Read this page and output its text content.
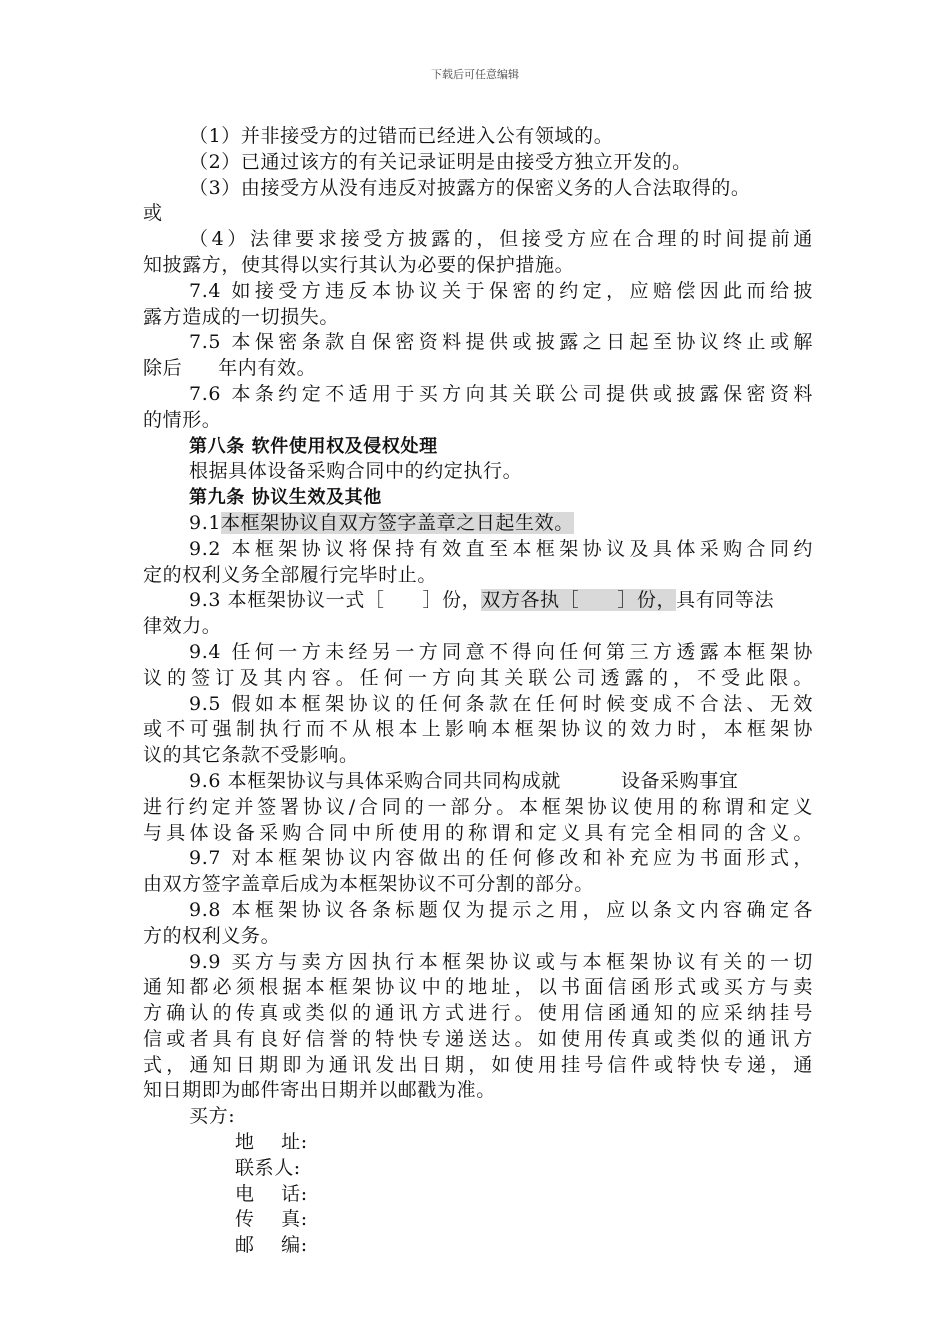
下载后可任意编辑
（1）并非接受方的过错而已经进入公有领域的。
（2）已通过该方的有关记录证明是由接受方独立开发的。
（3）由接受方从没有违反对披露方的保密义务的人合法取得的。
或
（4）法律要求接受方披露的，但接受方应在合理的时间提前通
知披露方，使其得以实行其认为必要的保护措施。
7.4 如接受方违反本协议关于保密的约定，应赔偿因此而给披
露方造成的一切损失。
7.5 本保密条款自保密资料提供或披露之日起至协议终止或解
除后 年内有效。
7.6 本条约定不适用于买方向其关联公司提供或披露保密资料
的情形。
第八条 软件使用权及侵权处理
根据具体设备采购合同中的约定执行。
第九条 协议生效及其他
9.1本框架协议自双方签字盖章之日起生效。
9.2 本框架协议将保持有效直至本框架协议及具体采购合同约
定的权利义务全部履行完毕时止。
9.3 本框架协议一式［ ］份，双方各执［ ］份，具有同等法
律效力。
9.4 任何一方未经另一方同意不得向任何第三方透露本框架协
议的签订及其内容。任何一方向其关联公司透露的，不受此限。
9.5 假如本框架协议的任何条款在任何时候变成不合法、无效
或不可强制执行而不从根本上影响本框架协议的效力时，本框架协
议的其它条款不受影响。
9.6 本框架协议与具体采购合同共同构成就	设备采购事宜
进行约定并签署协议/合同的一部分。本框架协议使用的称谓和定义
与具体设备采购合同中所使用的称谓和定义具有完全相同的含义。
9.7 对本框架协议内容做出的任何修改和补充应为书面形式，
由双方签字盖章后成为本框架协议不可分割的部分。
9.8 本框架协议各条标题仅为提示之用，应以条文内容确定各
方的权利义务。
9.9 买方与卖方因执行本框架协议或与本框架协议有关的一切
通知都必须根据本框架协议中的地址，以书面信函形式或买方与卖
方确认的传真或类似的通讯方式进行。使用信函通知的应采纳挂号
信或者具有良好信誉的特快专递送达。如使用传真或类似的通讯方
式，通知日期即为通讯发出日期，如使用挂号信件或特快专递，通
知日期即为邮件寄出日期并以邮戳为准。
买方:
地    址:
联系人:
电    话:
传    真:
邮    编:
